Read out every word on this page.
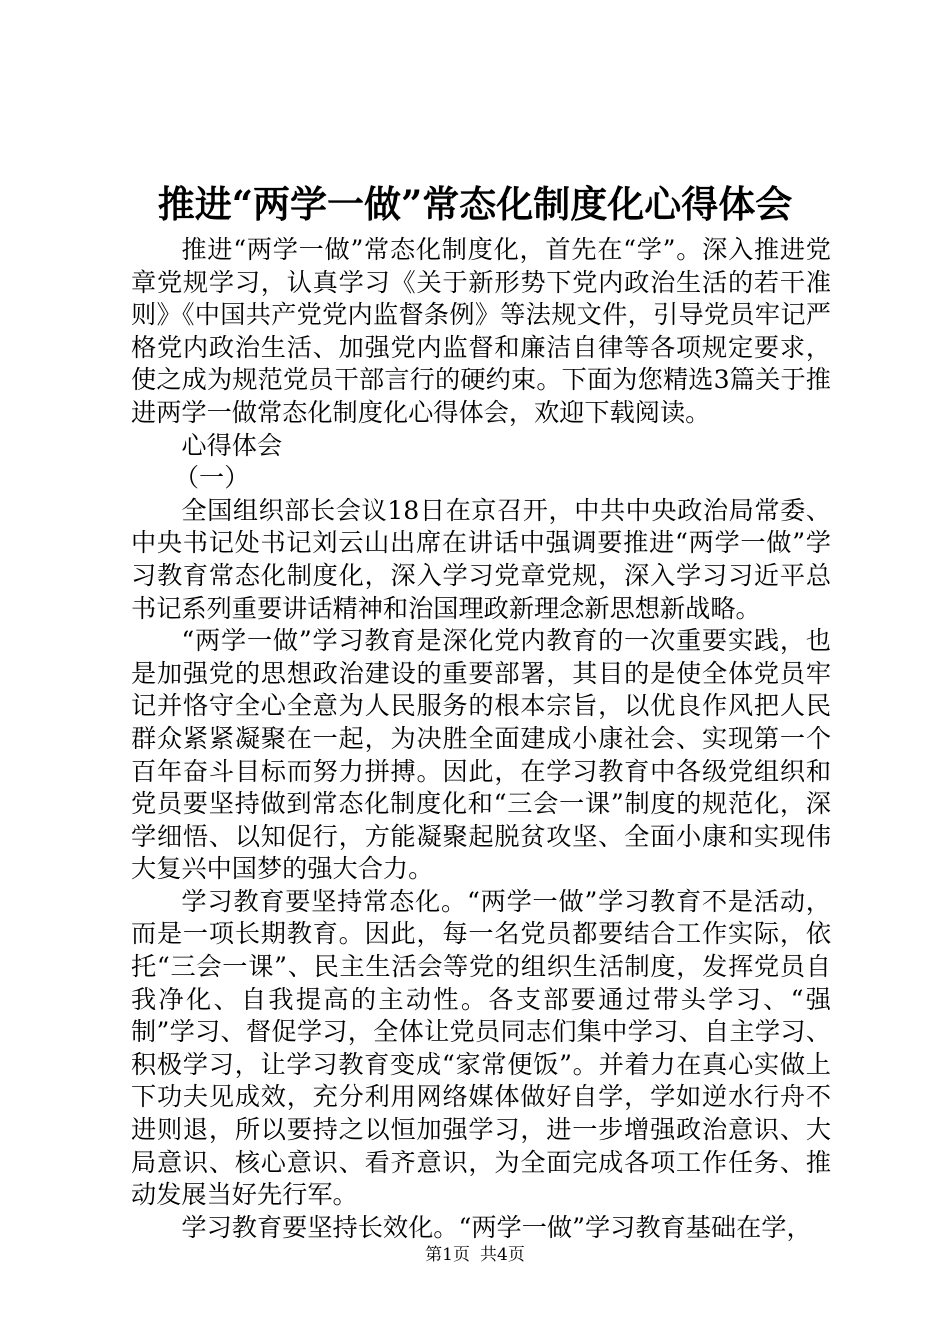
推进“两学一做”常态化制度化心得体会

推进“两学一做”常态化制度化，首先在“学”。深入推进党章党规学习，认真学习《关于新形势下党内政治生活的若干准则》《中国共产党党内监督条例》等法规文件，引导党员牢记严格党内政治生活、加强党内监督和廉洁自律等各项规定要求，使之成为规范党员干部言行的硬约束。下面为您精选3篇关于推进两学一做常态化制度化心得体会，欢迎下载阅读。

心得体会

（一）

全国组织部长会议18日在京召开，中共中央政治局常委、中央书记处书记刘云山出席在讲话中强调要推进“两学一做”学习教育常态化制度化，深入学习党章党规，深入学习习近平总书记系列重要讲话精神和治国理政新理念新思想新战略。

“两学一做”学习教育是深化党内教育的一次重要实践，也是加强党的思想政治建设的重要部署，其目的是使全体党员牢记并恪守全心全意为人民服务的根本宗旨，以优良作风把人民群众紧紧凝聚在一起，为决胜全面建成小康社会、实现第一个百年奋斗目标而努力拼搏。因此，在学习教育中各级党组织和党员要坚持做到常态化制度化和“三会一课”制度的规范化，深学细悟、以知促行，方能凝聚起脱贫攻坚、全面小康和实现伟大复兴中国梦的强大合力。

学习教育要坚持常态化。“两学一做”学习教育不是活动，而是一项长期教育。因此，每一名党员都要结合工作实际，依托“三会一课”、民主生活会等党的组织生活制度，发挥党员自我净化、自我提高的主动性。各支部要通过带头学习、“强制”学习、督促学习，全体让党员同志们集中学习、自主学习、积极学习，让学习教育变成“家常便饭”。并着力在真心实做上下功夫见成效，充分利用网络媒体做好自学，学如逆水行舟不进则退，所以要持之以恒加强学习，进一步增强政治意识、大局意识、核心意识、看齐意识，为全面完成各项工作任务、推动发展当好先行军。

学习教育要坚持长效化。“两学一做”学习教育基础在学，

第1页 共4页
